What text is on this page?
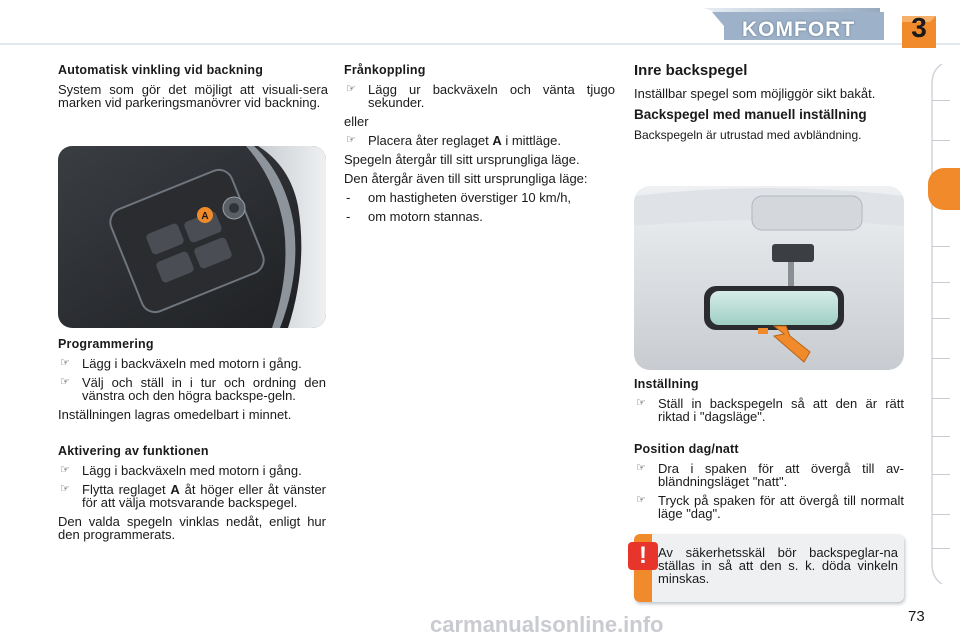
KOMFORT	3
Automatisk vinkling vid backning

System som gör det möjligt att visuali-sera marken vid parkeringsmanövrer vid backning.

A
Programmering
☞ Lägg i backväxeln med motorn i gång.
☞ Välj och ställ in i tur och ordning den vänstra och den högra backspe-geln.

Inställningen lagras omedelbart i minnet.

Aktivering av funktionen
☞ Lägg i backväxeln med motorn i gång.
☞ Flytta reglaget A åt höger eller åt vänster för att välja motsvarande backspegel.

Den valda spegeln vinklas nedåt, enligt hur den programmerats.

Frånkoppling
☞ Lägg ur backväxeln och vänta tjugo sekunder.

eller

☞ Placera åter reglaget A i mittläge.

Spegeln återgår till sitt ursprungliga läge.

Den återgår även till sitt ursprungliga läge:

- om hastigheten överstiger 10 km/h,
- om motorn stannas.
Inre backspegel

Inställbar spegel som möjliggör sikt bakåt.

Backspegel med manuell inställning

Backspegeln är utrustad med avbländning.

Inställning
☞ Ställ in backspegeln så att den är rätt riktad i "dagsläge".
Position dag/natt
☞ Dra i spaken för att övergå till av-bländningsläget "natt".
☞ Tryck på spaken för att övergå till normalt läge "dag".
! Av säkerhetsskäl bör backspeglar-na ställas in så att den s. k. döda vinkeln minskas.
carmanualsonline.info	73
